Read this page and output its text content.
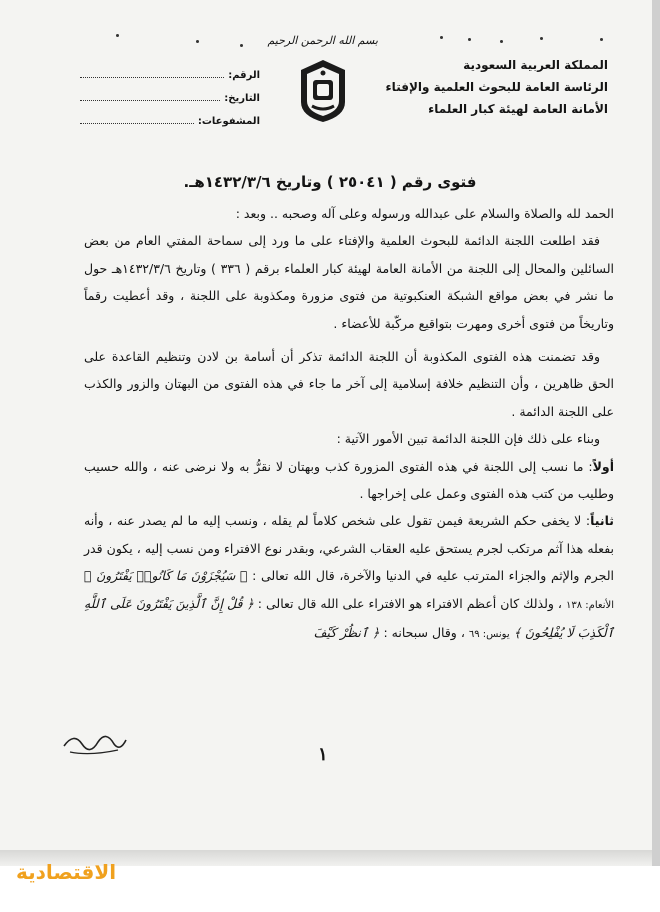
المملكة العربية السعودية
الرئاسة العامة للبحوث العلمية والإفتاء
الأمانة العامة لهيئة كبار العلماء
بسم الله الرحمن الرحيم
الرقم
:
التاريخ
:
المشفوعات
:
فتوى رقم ( ٢٥٠٤١ ) وتاريخ ١٤٣٢/٣/٦هـ.

الحمد لله والصلاة والسلام على عبدالله ورسوله وعلى آله وصحبه .. وبعد :

فقد اطلعت اللجنة الدائمة للبحوث العلمية والإفتاء على ما ورد إلى سماحة المفتي العام من بعض السائلين والمحال إلى اللجنة من الأمانة العامة لهيئة كبار العلماء برقم ( ٣٣٦ ) وتاريخ ١٤٣٢/٣/٦هـ حول ما نشر في بعض مواقع الشبكة العنكبوتية من فتوى مزورة ومكذوبة على اللجنة ، وقد أعطيت رقماً وتاريخاً من فتوى أخرى ومهرت بتواقيع مركّبة للأعضاء .

وقد تضمنت هذه الفتوى المكذوبة أن اللجنة الدائمة تذكر أن أسامة بن لادن وتنظيم القاعدة على الحق ظاهرين ، وأن التنظيم خلافة إسلامية إلى آخر ما جاء في هذه الفتوى من البهتان والزور والكذب على اللجنة الدائمة .

وبناء على ذلك فإن اللجنة الدائمة تبين الأمور الآتية :

أولاً: ما نسب إلى اللجنة في هذه الفتوى المزورة كذب وبهتان لا نقرُّ به ولا نرضى عنه ، والله حسيب وطليب من كتب هذه الفتوى وعمل على إخراجها .

ثانياً: لا يخفى حكم الشريعة فيمن تقول على شخص كلاماً لم يقله ، ونسب إليه ما لم يصدر عنه ، وأنه بفعله هذا آثم مرتكب لجرم يستحق عليه العقاب الشرعي، وبقدر نوع الافتراء ومن نسب إليه ، يكون قدر الجرم والإثم والجزاء المترتب عليه في الدنيا والآخرة، قال الله تعالى : ﴿ سَيُجْزَوْنَ مَا كَانُوا۟ يَفْتَرُونَ ﴾ الأنعام: ١٣٨ ، ولذلك كان أعظم الافتراء هو الافتراء على الله قال تعالى : ﴿ قُلْ إِنَّ ٱلَّذِينَ يَفْتَرُونَ عَلَى ٱللَّهِ ٱلْكَذِبَ لَا يُفْلِحُونَ ﴾ يونس: ٦٩ ، وقال سبحانه : ﴿ ٱنظُرْ كَيْفَ

١
الاقتصادية
